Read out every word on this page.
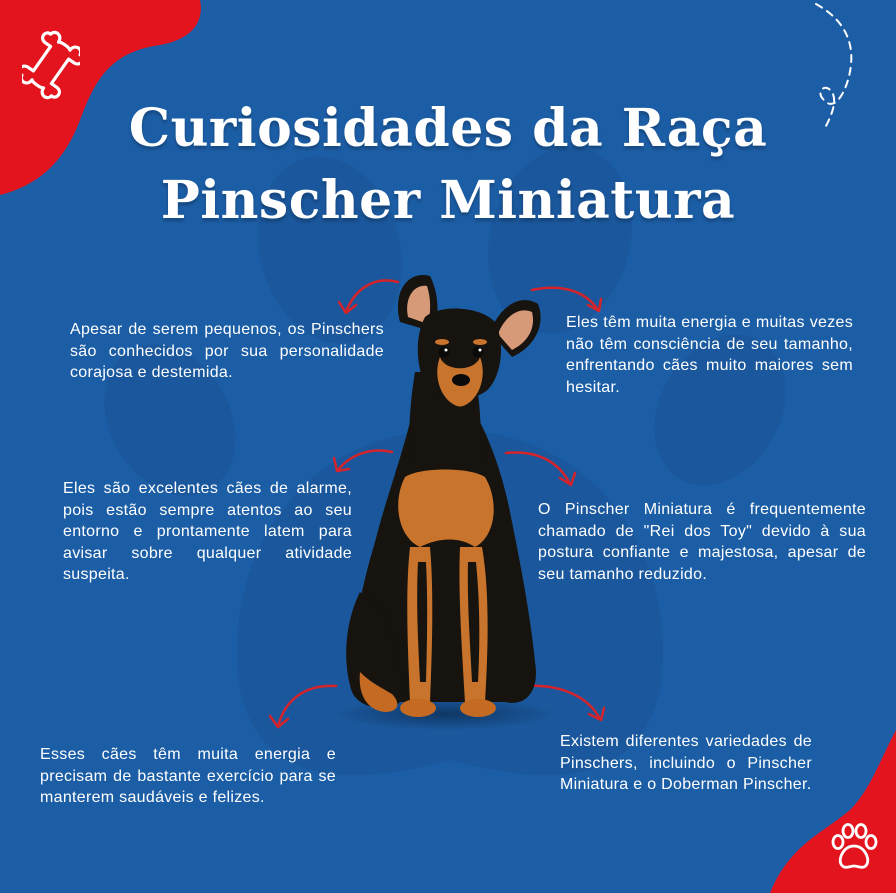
Curiosidades da Raça
Pinscher Miniatura
Apesar de serem pequenos, os Pinschers são conhecidos por sua personalidade corajosa e destemida.
Eles têm muita energia e muitas vezes não têm consciência de seu tamanho, enfrentando cães muito maiores sem hesitar.
Eles são excelentes cães de alarme, pois estão sempre atentos ao seu entorno e prontamente latem para avisar sobre qualquer atividade suspeita.
O Pinscher Miniatura é frequentemente chamado de "Rei dos Toy" devido à sua postura confiante e majestosa, apesar de seu tamanho reduzido.
Esses cães têm muita energia e precisam de bastante exercício para se manterem saudáveis e felizes.
Existem diferentes variedades de Pinschers, incluindo o Pinscher Miniatura e o Doberman Pinscher.
